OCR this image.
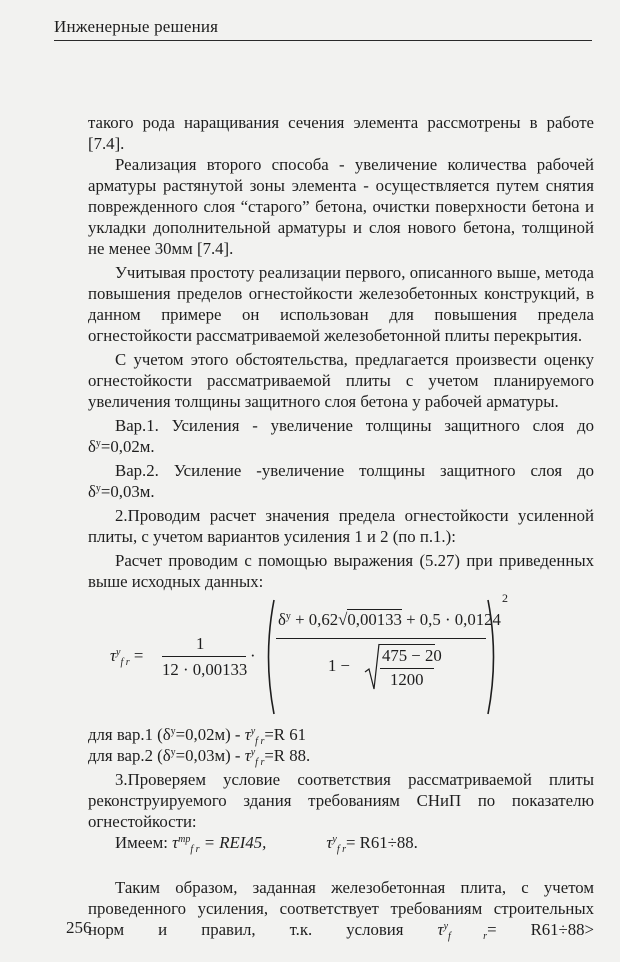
Инженерные решения

такого рода наращивания сечения элемента рассмотрены в работе [7.4].

Реализация второго способа - увеличение количества рабочей арматуры растянутой зоны элемента - осуществляется путем снятия поврежденного слоя “старого” бетона, очистки поверхности бетона и укладки дополнительной арматуры и слоя нового бетона, толщиной не менее 30мм [7.4].

Учитывая простоту реализации первого, описанного выше, метода повышения пределов огнестойкости железобетонных конструкций, в данном примере он использован для повышения предела огнестойкости рассматриваемой железобетонной плиты перекрытия.

С учетом этого обстоятельства, предлагается произвести оценку огнестойкости рассматриваемой плиты с учетом планируемого увеличения толщины защитного слоя бетона у рабочей арматуры.

Вар.1. Усиления - увеличение толщины защитного слоя до $\delta^y=0,02м$.

Вар.2. Усиление -увеличение толщины защитного слоя до $\delta^y=0,03м$.

2.Проводим расчет значения предела огнестойкости усиленной плиты, с учетом вариантов усиления 1 и 2 (по п.1.):

Расчет проводим с помощью выражения (5.27) при приведенных выше исходных данных:

$\tau^y_{f r}$ =
1
12 · 0,00133
·
2
$\delta^y + 0,62√0,00133 + 0,5 \cdot 0,0124$
1 −
475 − 20
1200

для вар.1 $(\delta^y=0,02м) - \tau^y_{f r}=R$ 61

для вар.2 $(\delta^y=0,03м) - \tau^y_{f r}=R$ 88.

3.Проверяем условие соответствия рассматриваемой плиты реконструируемого здания требованиям СНиП по показателю огнестойкости:

Имеем: $\tau^{mp}_{f r} = REI45$,	$\tau^y_{f r}= R61\div 88$.

Таким образом, заданная железобетонная плита, с учетом проведенного усиления, соответствует требованиям строительных норм и правил, т.к. условия $\tau^y_{f r}= R61\div 88>$

256
